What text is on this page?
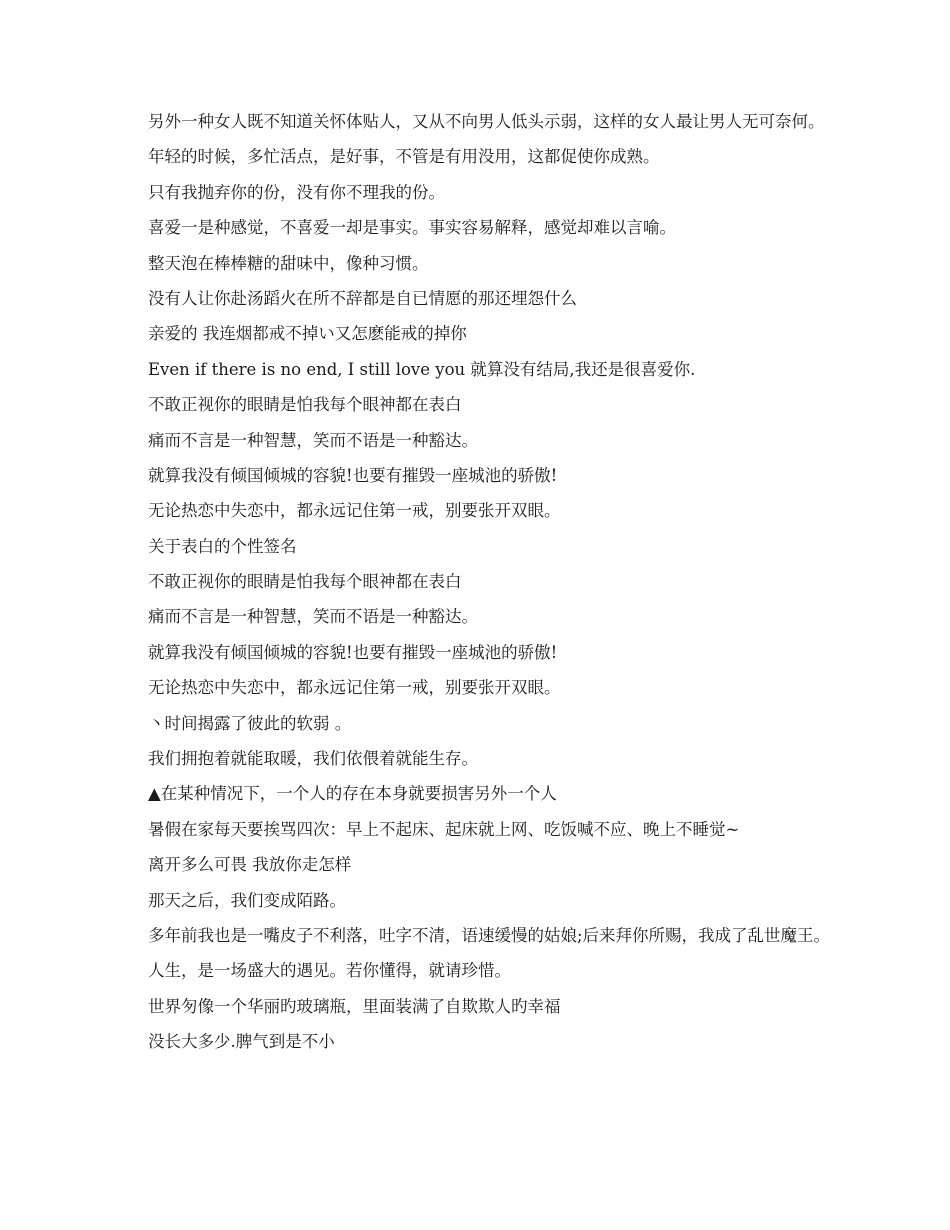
另外一种女人既不知道关怀体贴人，又从不向男人低头示弱，这样的女人最让男人无可奈何。

年轻的时候，多忙活点，是好事，不管是有用没用，这都促使你成熟。

只有我抛弃你的份，没有你不理我的份。

喜爱一是种感觉，不喜爱一却是事实。事实容易解释，感觉却难以言喻。

整天泡在棒棒糖的甜味中，像种习惯。

没有人让你赴汤蹈火在所不辞都是自已情愿的那还埋怨什么

亲爱的 我连烟都戒不掉い又怎麽能戒的掉你

Even if there is no end, I still love you 就算没有结局,我还是很喜爱你.

不敢正视你的眼睛是怕我每个眼神都在表白

痛而不言是一种智慧，笑而不语是一种豁达。

就算我没有倾国倾城的容貌!也要有摧毁一座城池的骄傲!

无论热恋中失恋中，都永远记住第一戒，别要张开双眼。

关于表白的个性签名

不敢正视你的眼睛是怕我每个眼神都在表白

痛而不言是一种智慧，笑而不语是一种豁达。

就算我没有倾国倾城的容貌!也要有摧毁一座城池的骄傲!

无论热恋中失恋中，都永远记住第一戒，别要张开双眼。

丶时间揭露了彼此的软弱 。

我们拥抱着就能取暖，我们依偎着就能生存。

▲在某种情况下，一个人的存在本身就要损害另外一个人

暑假在家每天要挨骂四次：早上不起床、起床就上网、吃饭喊不应、晚上不睡觉~

离开多么可畏 我放你走怎样

那天之后，我们变成陌路。

多年前我也是一嘴皮子不利落，吐字不清，语速缓慢的姑娘;后来拜你所赐，我成了乱世魔王。

人生，是一场盛大的遇见。若你懂得，就请珍惜。

世界匇像一个华丽旳玻璃瓶，里面装满了自欺欺人旳幸福

没长大多少.脾气到是不小
